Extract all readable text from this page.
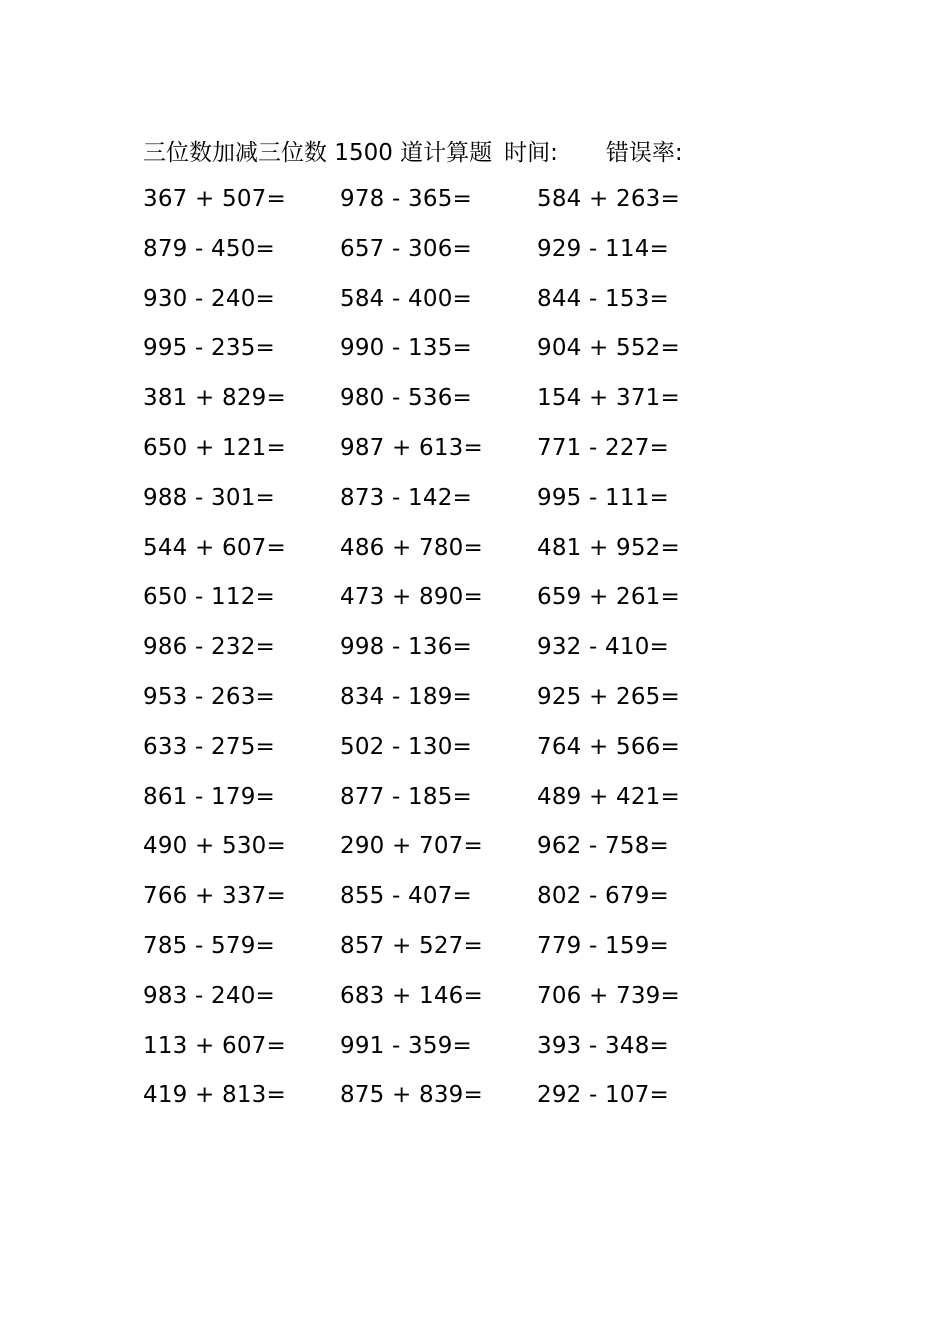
三位数加减三位数 1500 道计算题 时间: 错误率:
367 + 507=	978 - 365=	584 + 263=
879 - 450=	657 - 306=	929 - 114=
930 - 240=	584 - 400=	844 - 153=
995 - 235=	990 - 135=	904 + 552=
381 + 829=	980 - 536=	154 + 371=
650 + 121=	987 + 613=	771 - 227=
988 - 301=	873 - 142=	995 - 111=
544 + 607=	486 + 780=	481 + 952=
650 - 112=	473 + 890=	659 + 261=
986 - 232=	998 - 136=	932 - 410=
953 - 263=	834 - 189=	925 + 265=
633 - 275=	502 - 130=	764 + 566=
861 - 179=	877 - 185=	489 + 421=
490 + 530=	290 + 707=	962 - 758=
766 + 337=	855 - 407=	802 - 679=
785 - 579=	857 + 527=	779 - 159=
983 - 240=	683 + 146=	706 + 739=
113 + 607=	991 - 359=	393 - 348=
419 + 813=	875 + 839=	292 - 107=
